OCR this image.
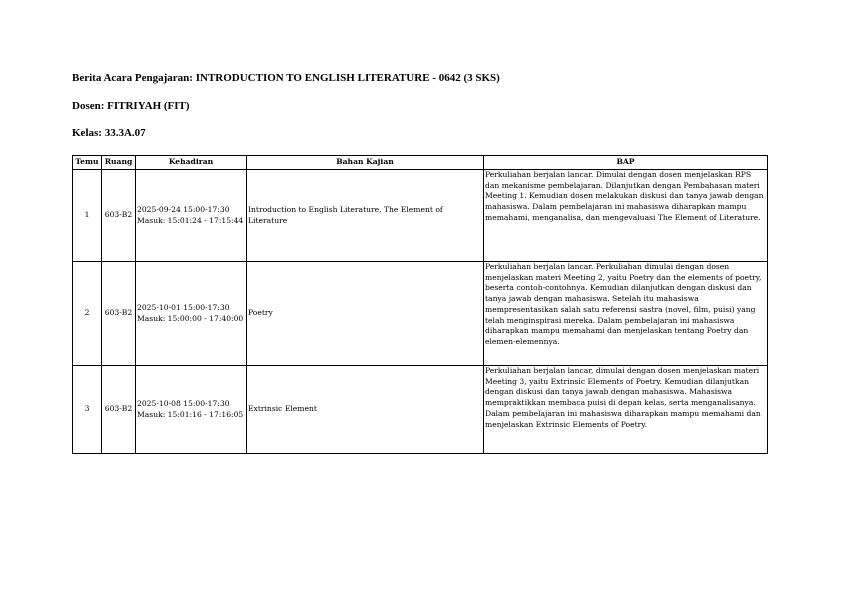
Berita Acara Pengajaran: INTRODUCTION TO ENGLISH LITERATURE - 0642 (3 SKS)
Dosen: FITRIYAH (FIT)
Kelas: 33.3A.07
Temu	Ruang	Kehadiran	Bahan Kajian	BAP
1	603-B2	2025-09-24 15:00-17:30 Masuk: 15:01:24 - 17:15:44	Introduction to English Literature, The Element of Literature	Perkuliahan berjalan lancar. Dimulai dengan dosen menjelaskan RPS dan mekanisme pembelajaran. Dilanjutkan dengan Pembahasan materi Meeting 1. Kemudian dosen melakukan diskusi dan tanya jawab dengan mahasiswa. Dalam pembelajaran ini mahasiswa diharapkan mampu memahami, menganalisa, dan mengevaluasi The Element of Literature.
2	603-B2	2025-10-01 15:00-17:30 Masuk: 15:00:00 - 17:40:00	Poetry	Perkuliahan berjalan lancar. Perkuliahan dimulai dengan dosen menjelaskan materi Meeting 2, yaitu Poetry dan the elements of poetry, beserta contoh-contohnya. Kemudian dilanjutkan dengan diskusi dan tanya jawab dengan mahasiswa. Setelah itu mahasiswa mempresentasikan salah satu referensi sastra (novel, film, puisi) yang telah menginspirasi mereka. Dalam pembelajaran ini mahasiswa diharapkan mampu memahami dan menjelaskan tentang Poetry dan elemen-elemennya.
3	603-B2	2025-10-08 15:00-17:30 Masuk: 15:01:16 - 17:16:05	Extrinsic Element	Perkuliahan berjalan lancar, dimulai dengan dosen menjelaskan materi Meeting 3, yaitu Extrinsic Elements of Poetry. Kemudian dilanjutkan dengan diskusi dan tanya jawab dengan mahasiswa. Mahasiswa mempraktikkan membaca puisi di depan kelas, serta menganalisanya. Dalam pembelajaran ini mahasiswa diharapkan mampu memahami dan menjelaskan Extrinsic Elements of Poetry.
